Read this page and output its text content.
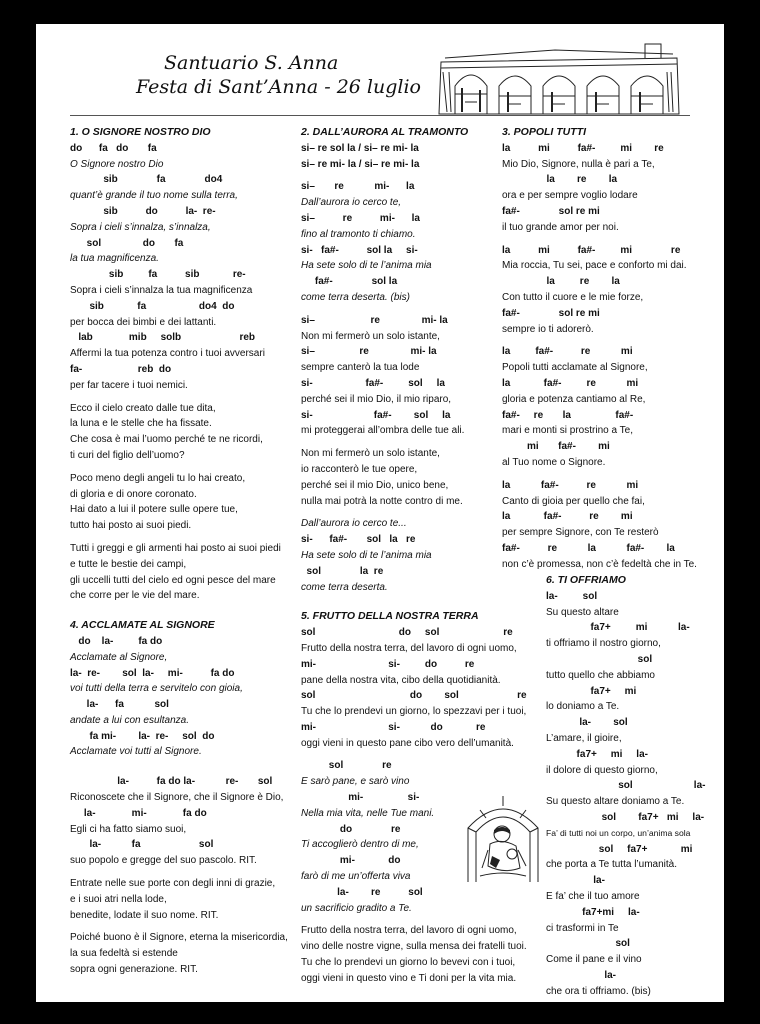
Santuario S. Anna
Festa di Sant’Anna - 26 luglio
1. O SIGNORE NOSTRO DIO
do      fa   do       fa
O Signore nostro Dio
sib              fa              do4
quant’è grande il tuo nome sulla terra,
sib          do          la-  re-
Sopra i cieli s’innalza, s’innalza,
sol               do       fa
la tua magnificenza.
sib         fa          sib            re-
Sopra i cieli s’innalza la tua magnificenza
sib            fa                   do4  do
per bocca dei bimbi e dei lattanti.
lab             mib     solb                     reb
Affermi la tua potenza contro i tuoi avversari
fa-                    reb  do
per far tacere i tuoi nemici.
Ecco il cielo creato dalle tue dita,
la luna e le stelle che ha fissate.
Che cosa è mai l’uomo perché te ne ricordi,
ti curi del figlio dell’uomo?
Poco meno degli angeli tu lo hai creato,
di gloria e di onore coronato.
Hai dato a lui il potere sulle opere tue,
tutto hai posto ai suoi piedi.
Tutti i greggi e gli armenti hai posto ai suoi piedi
e tutte le bestie dei campi,
gli uccelli tutti del cielo ed ogni pesce del mare
che corre per le vie del mare.
4. ACCLAMATE AL SIGNORE
do    la-         fa do
Acclamate al Signore,
la-  re-        sol  la-     mi-          fa do
voi tutti della terra e servitelo con gioia,
la-      fa           sol
andate a lui con esultanza.
fa mi-        la-  re-     sol  do
Acclamate voi tutti al Signore.
la-          fa do la-           re-       sol
Riconoscete che il Signore, che il Signore è Dio,
la-             mi-             fa do
Egli ci ha fatto siamo suoi,
la-           fa                     sol
suo popolo e gregge del suo pascolo. RIT.
Entrate nelle sue porte con degli inni di grazie,
e i suoi atri nella lode,
benedite, lodate il suo nome. RIT.
Poiché buono è il Signore, eterna la misericordia,
la sua fedeltà si estende
sopra ogni generazione. RIT.
2. DALL’AURORA AL TRAMONTO
si– re sol la / si– re mi- la
si– re mi- la / si– re mi- la
si–       re           mi-      la
Dall’aurora io cerco te,
si–          re          mi-      la
fino al tramonto ti chiamo.
si-   fa#-          sol la     si-
Ha sete solo di te l’anima mia
fa#-              sol la
come terra deserta. (bis)
si–                    re               mi- la
Non mi fermerò un solo istante,
si–                re               mi- la
sempre canterò la tua lode
si-                   fa#-         sol     la
perché sei il mio Dio, il mio riparo,
si-                      fa#-        sol     la
mi proteggerai all’ombra delle tue ali.
Non mi fermerò un solo istante,
io racconterò le tue opere,
perché sei il mio Dio, unico bene,
nulla mai potrà la notte contro di me.
Dall’aurora io cerco te...
si-      fa#-       sol   la   re
Ha sete solo di te l’anima mia
sol              la  re
come terra deserta.
5. FRUTTO DELLA NOSTRA TERRA
sol                              do     sol                       re
Frutto della nostra terra, del lavoro di ogni uomo,
mi-                          si-         do          re
pane della nostra vita, cibo della quotidianità.
sol                                  do        sol                     re
Tu che lo prendevi un giorno, lo spezzavi per i tuoi,
mi-                          si-           do            re
oggi vieni in questo pane cibo vero dell’umanità.
sol              re
E sarò pane, e sarò vino
mi-                si-
Nella mia vita, nelle Tue mani.
do              re
Ti accoglierò dentro di me,
mi-            do
farò di me un’offerta viva
la-        re          sol
un sacrificio gradito a Te.
Frutto della nostra terra, del lavoro di ogni uomo,
vino delle nostre vigne, sulla mensa dei fratelli tuoi.
Tu che lo prendevi un giorno lo bevevi con i tuoi,
oggi vieni in questo vino e Ti doni per la vita mia.
3. POPOLI TUTTI
la          mi          fa#-         mi        re
Mio Dio, Signore, nulla è pari a Te,
la        re        la
ora e per sempre voglio lodare
fa#-              sol re mi
il tuo grande amor per noi.
la          mi          fa#-         mi              re
Mia roccia, Tu sei, pace e conforto mi dai.
la         re        la
Con tutto il cuore e le mie forze,
fa#-              sol re mi
sempre io ti adorerò.
la         fa#-          re           mi
Popoli tutti acclamate al Signore,
la            fa#-         re           mi
gloria e potenza cantiamo al Re,
fa#-     re       la                fa#-
mari e monti si prostrino a Te,
mi       fa#-        mi
al Tuo nome o Signore.
la           fa#-          re           mi
Canto di gioia per quello che fai,
la            fa#-          re        mi
per sempre Signore, con Te resterò
fa#-          re           la           fa#-        la
non c’è promessa, non c’è fedeltà che in Te.
6. TI OFFRIAMO
la-         sol
Su questo altare
fa7+         mi           la-
ti offriamo il nostro giorno,
sol
tutto quello che abbiamo
fa7+     mi
lo doniamo a Te.
la-        sol
L’amare, il gioire,
fa7+     mi     la-
il dolore di questo giorno,
sol                      la-
Su questo altare doniamo a Te.
sol        fa7+   mi     la-
Fa’ di tutti noi un corpo, un’anima sola
sol     fa7+            mi
che porta a Te tutta l’umanità.
la-
E fa’ che il tuo amore
fa7+mi     la-
ci trasformi in Te
sol
Come il pane e il vino
la-
che ora ti offriamo. (bis)
